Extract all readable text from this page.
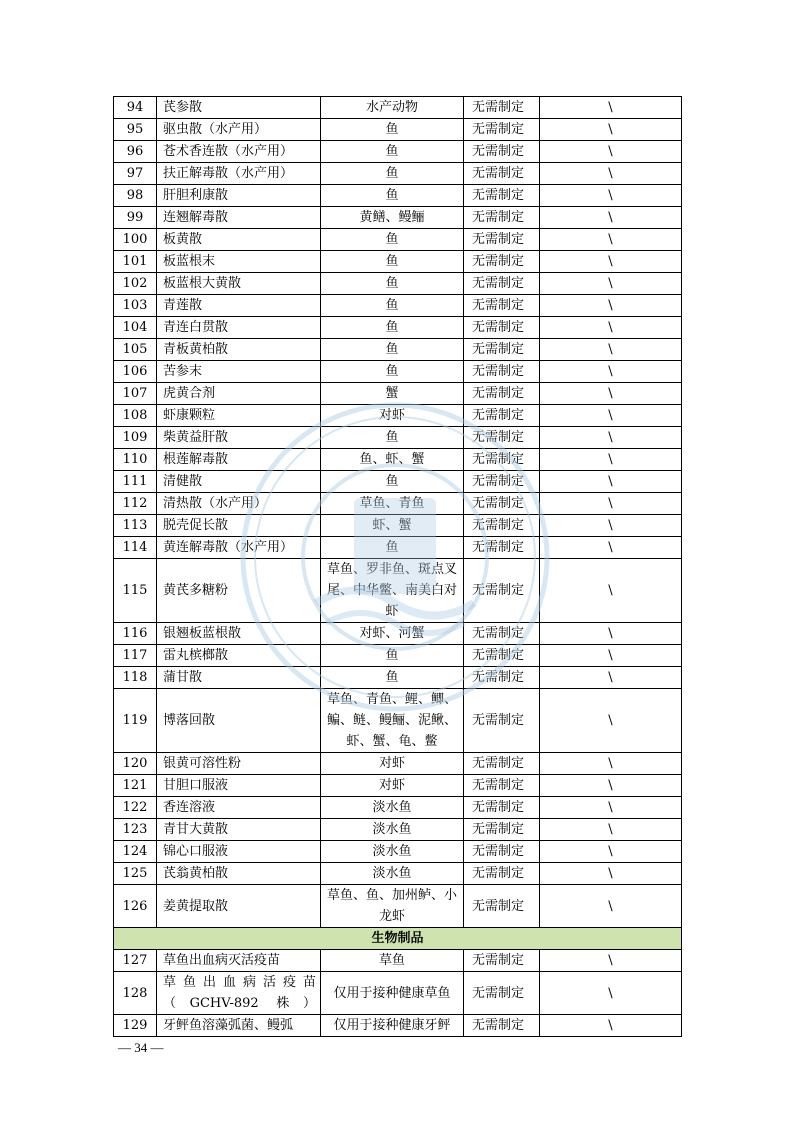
94	芪参散	水产动物	无需制定	\
95	驱虫散（水产用）	鱼	无需制定	\
96	苍术香连散（水产用）	鱼	无需制定	\
97	扶正解毒散（水产用）	鱼	无需制定	\
98	肝胆利康散	鱼	无需制定	\
99	连翘解毒散	黄鳝、鳗鲡	无需制定	\
100	板黄散	鱼	无需制定	\
101	板蓝根末	鱼	无需制定	\
102	板蓝根大黄散	鱼	无需制定	\
103	青莲散	鱼	无需制定	\
104	青连白贯散	鱼	无需制定	\
105	青板黄柏散	鱼	无需制定	\
106	苦参末	鱼	无需制定	\
107	虎黄合剂	蟹	无需制定	\
108	虾康颗粒	对虾	无需制定	\
109	柴黄益肝散	鱼	无需制定	\
110	根莲解毒散	鱼、虾、蟹	无需制定	\
111	清健散	鱼	无需制定	\
112	清热散（水产用）	草鱼、青鱼	无需制定	\
113	脱壳促长散	虾、蟹	无需制定	\
114	黄连解毒散（水产用）	鱼	无需制定	\
115	黄芪多糖粉	草鱼、罗非鱼、斑点叉尾、中华鳖、南美白对虾	无需制定	\
116	银翘板蓝根散	对虾、河蟹	无需制定	\
117	雷丸槟榔散	鱼	无需制定	\
118	蒲甘散	鱼	无需制定	\
119	博落回散	草鱼、青鱼、鲤、鲫、鳊、鲢、鳗鲡、泥鳅、虾、蟹、龟、鳖	无需制定	\
120	银黄可溶性粉	对虾	无需制定	\
121	甘胆口服液	对虾	无需制定	\
122	香连溶液	淡水鱼	无需制定	\
123	青甘大黄散	淡水鱼	无需制定	\
124	锦心口服液	淡水鱼	无需制定	\
125	芪翁黄柏散	淡水鱼	无需制定	\
126	姜黄提取散	草鱼、鱼、加州鲈、小龙虾	无需制定	\
生物制品				
127	草鱼出血病灭活疫苗	草鱼	无需制定	\
128	草鱼出血病活疫苗（GCHV-892 株）	仅用于接种健康草鱼	无需制定	\
129	牙鲆鱼溶藻弧菌、鳗弧	仅用于接种健康牙鲆	无需制定	\
— 34 —
